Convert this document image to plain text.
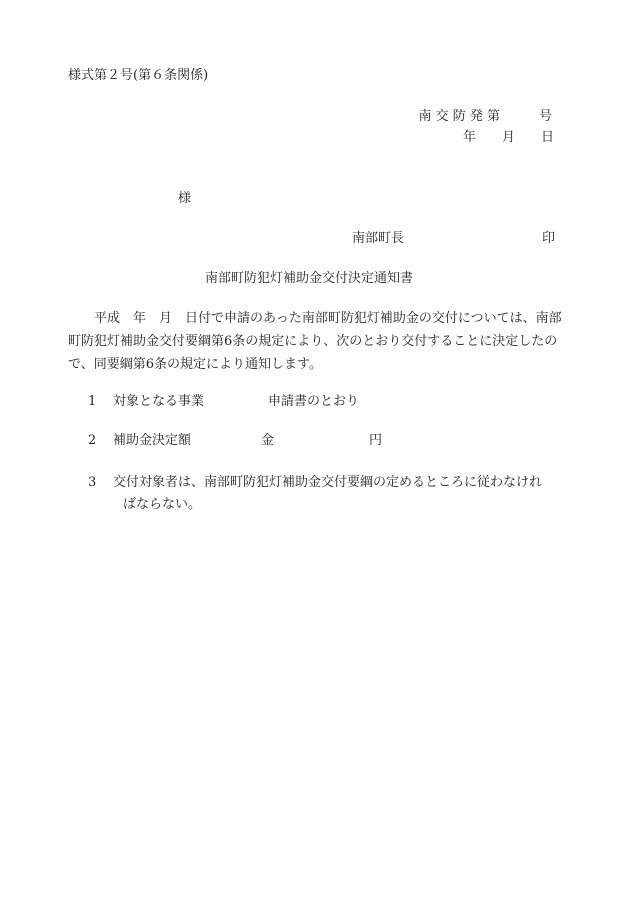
様式第２号(第６条関係)
南 交 防 発 第　　　号
年　　月　　日
様
南部町長	印
南部町防犯灯補助金交付決定通知書

平成　年　月　日付で申請のあった南部町防犯灯補助金の交付については、南部町防犯灯補助金交付要綱第6条の規定により、次のとおり交付することに決定したので、同要綱第6条の規定により通知します。

1 対象となる事業	申請書のとおり
2 補助金決定額	金	円
3 交付対象者は、南部町防犯灯補助金交付要綱の定めるところに従わなけれ
ばならない。
